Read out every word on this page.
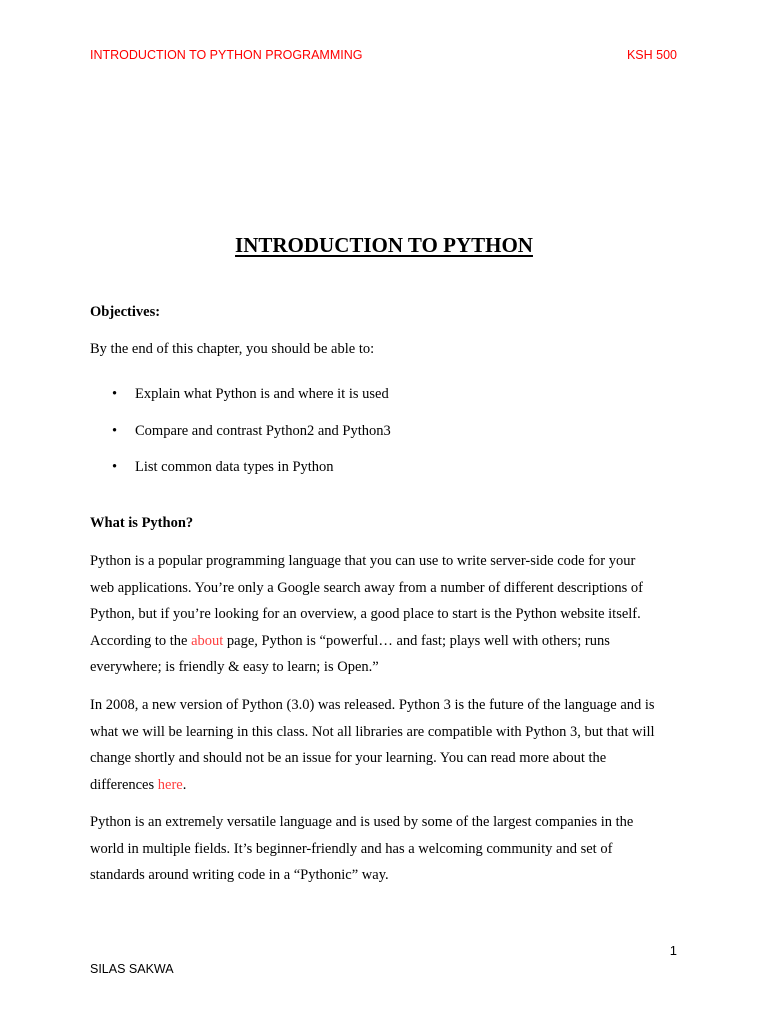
INTRODUCTION TO PYTHON PROGRAMMING	KSH 500
INTRODUCTION TO PYTHON
Objectives:
By the end of this chapter, you should be able to:
• Explain what Python is and where it is used
• Compare and contrast Python2 and Python3
• List common data types in Python
What is Python?
Python is a popular programming language that you can use to write server-side code for your
web applications. You’re only a Google search away from a number of different descriptions of
Python, but if you’re looking for an overview, a good place to start is the Python website itself.
According to the about page, Python is “powerful… and fast; plays well with others; runs
everywhere; is friendly & easy to learn; is Open.”
In 2008, a new version of Python (3.0) was released. Python 3 is the future of the language and is
what we will be learning in this class. Not all libraries are compatible with Python 3, but that will
change shortly and should not be an issue for your learning. You can read more about the
differences here.
Python is an extremely versatile language and is used by some of the largest companies in the
world in multiple fields. It’s beginner-friendly and has a welcoming community and set of
standards around writing code in a “Pythonic” way.
1
SILAS SAKWA
